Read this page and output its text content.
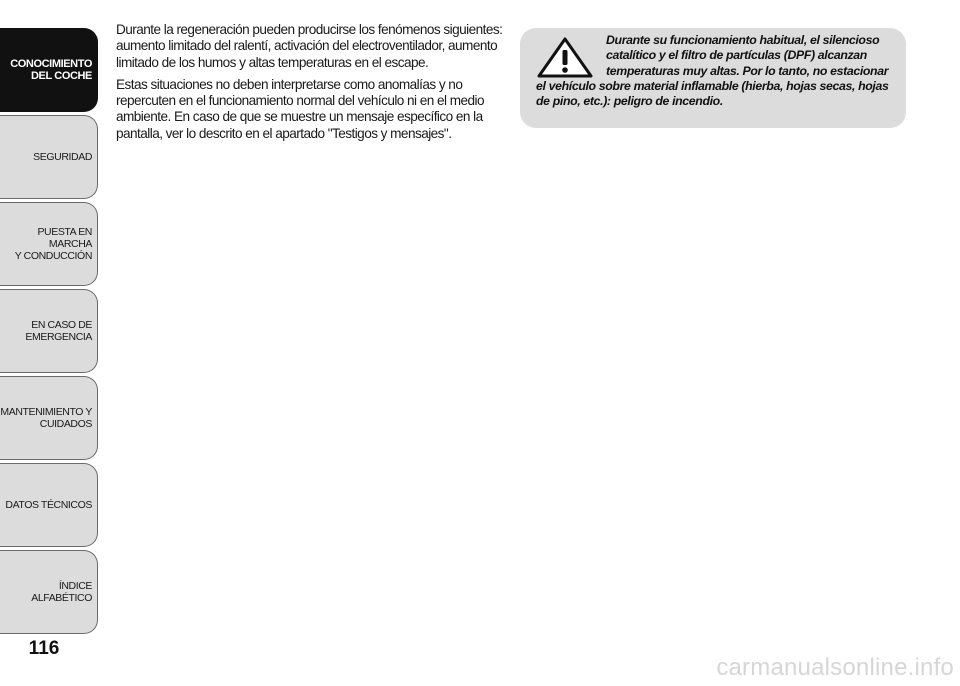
CONOCIMIENTO
DEL COCHE
SEGURIDAD
PUESTA EN MARCHA
Y CONDUCCIÓN
EN CASO DE
EMERGENCIA
MANTENIMIENTO Y
CUIDADOS
DATOS TÉCNICOS
ÍNDICE ALFABÉTICO
116

Durante la regeneración pueden producirse los fenómenos siguientes: aumento limitado del ralentí, activación del electroventilador, aumento limitado de los humos y altas temperaturas en el escape.

Estas situaciones no deben interpretarse como anomalías y no repercuten en el funcionamiento normal del vehículo ni en el medio ambiente. En caso de que se muestre un mensaje específico en la pantalla, ver lo descrito en el apartado "Testigos y mensajes".

Durante su funcionamiento habitual, el silencioso catalítico y el filtro de partículas (DPF) alcanzan temperaturas muy altas. Por lo tanto, no estacionar el vehículo sobre material inflamable (hierba, hojas secas, hojas de pino, etc.): peligro de incendio.
carmanualsonline.info
